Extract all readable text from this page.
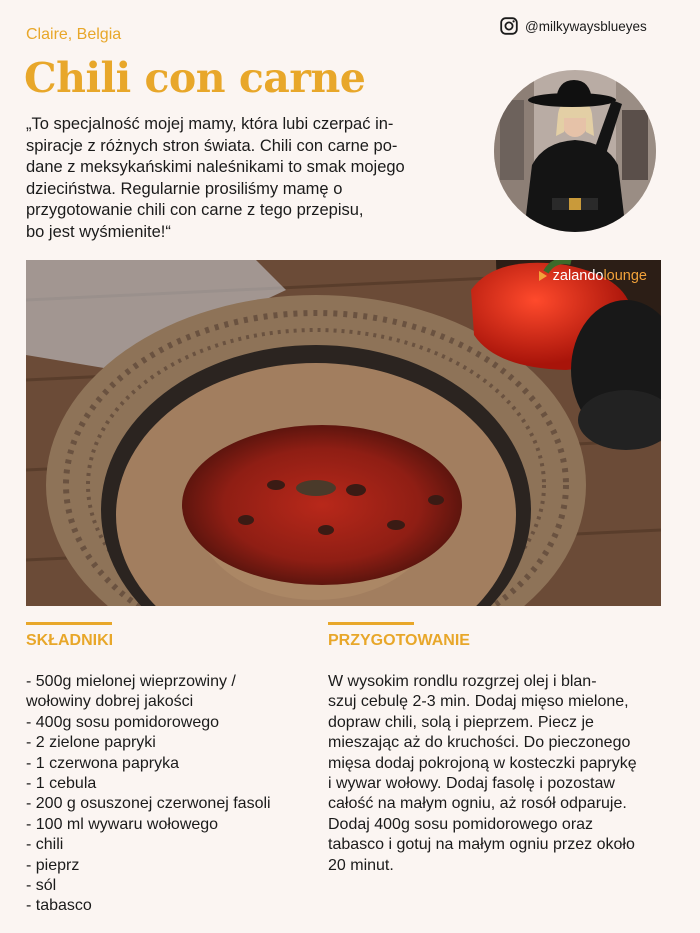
Claire, Belgia
Chili con carne

„To specjalność mojej mamy, która lubi czerpać in-
spiracje z różnych stron świata. Chili con carne po-
dane z meksykańskimi naleśnikami to smak mojego
dzieciństwa. Regularnie prosiliśmy mamę o
przygotowanie chili con carne z tego przepisu,
bo jest wyśmienite!“

@milkywaysblueyes
zalandolounge
SKŁADNIKI
- 500g mielonej wieprzowiny /
wołowiny dobrej jakości
- 400g sosu pomidorowego
- 2 zielone papryki
- 1 czerwona papryka
- 1 cebula
- 200 g osuszonej czerwonej fasoli
- 100 ml wywaru wołowego
- chili
- pieprz
- sól
- tabasco
PRZYGOTOWANIE

W wysokim rondlu rozgrzej olej i blan-
szuj cebulę 2-3 min. Dodaj mięso mielone,
dopraw chili, solą i pieprzem. Piecz je
mieszając aż do kruchości. Do pieczonego
mięsa dodaj pokrojoną w kosteczki paprykę
i wywar wołowy. Dodaj fasolę i pozostaw
całość na małym ogniu, aż rosół odparuje.
Dodaj 400g sosu pomidorowego oraz
tabasco i gotuj na małym ogniu przez około
20 minut.
